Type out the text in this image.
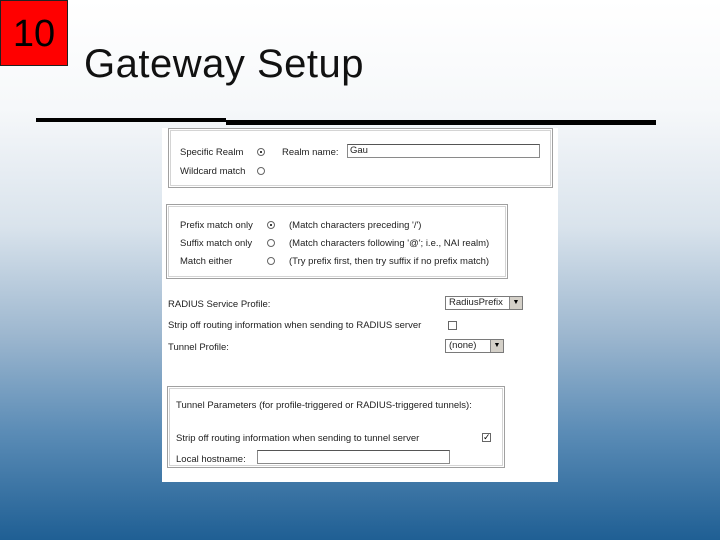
10
Gateway Setup
Specific Realm	Realm name:	Gau
Wildcard match
Prefix match only	(Match characters preceding '/')
Suffix match only	(Match characters following '@'; i.e., NAI realm)
Match either	(Try prefix first, then try suffix if no prefix match)
RADIUS Service Profile:	RadiusPrefix	▼
Strip off routing information when sending to RADIUS server
Tunnel Profile:	(none)	▼
Tunnel Parameters (for profile-triggered or RADIUS-triggered tunnels):
Strip off routing information when sending to tunnel server	✓
Local hostname:
